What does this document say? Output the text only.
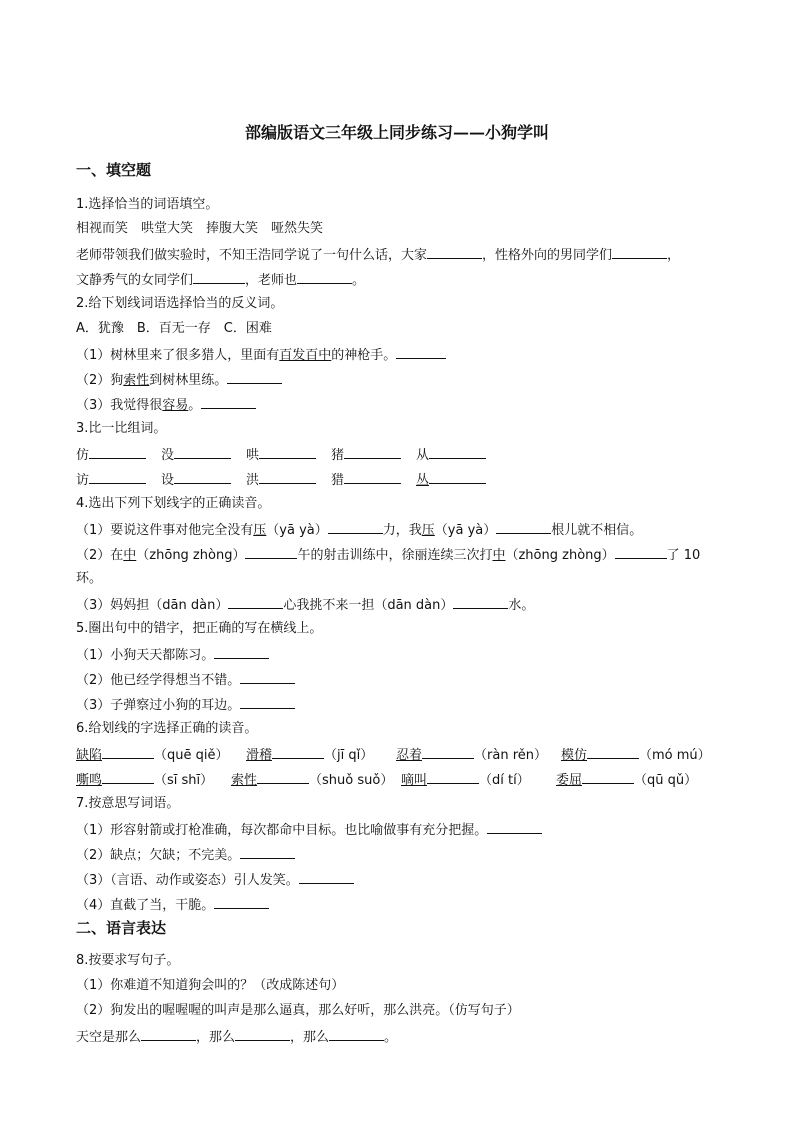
部编版语文三年级上同步练习——小狗学叫
一、填空题
1.选择恰当的词语填空。
相视而笑　哄堂大笑　捧腹大笑　哑然失笑
老师带领我们做实验时，不知王浩同学说了一句什么话，大家	，性格外向的男同学们	，
文静秀气的女同学们	，老师也	。
2.给下划线词语选择恰当的反义词。
A．犹豫　B．百无一存　C．困难
（1）树林里来了很多猎人，里面有百发百中的神枪手。
（2）狗索性到树林里练。
（3）我觉得很容易。
3.比一比组词。
仿	没	哄	猪	从
访	设	洪	猎	丛
4.选出下列下划线字的正确读音。
（1）要说这件事对他完全没有压（yā yà）	力，我压（yā yà）	根儿就不相信。
（2）在中（zhōng zhòng）	午的射击训练中，徐丽连续三次打中（zhōng zhòng）	了 10
环。
（3）妈妈担（dān dàn）	心我挑不来一担（dān dàn）	水。
5.圈出句中的错字，把正确的写在横线上。
（1）小狗天天都陈习。
（2）他已经学得想当不错。
（3）子弹察过小狗的耳边。
6.给划线的字选择正确的读音。
缺陷	（quē qiě） 滑稽	（jī qǐ） 忍着	（ràn rěn） 模仿	（mó mú）
嘶鸣	（sī shī） 索性	（shuǒ suǒ） 嘀叫	（dí tí） 委屈	（qū qǔ）
7.按意思写词语。
（1）形容射箭或打枪准确，每次都命中目标。也比喻做事有充分把握。
（2）缺点；欠缺；不完美。
（3）（言语、动作或姿态）引人发笑。
（4）直截了当，干脆。
二、语言表达
8.按要求写句子。
（1）你难道不知道狗会叫的？（改成陈述句）
（2）狗发出的喔喔喔的叫声是那么逼真，那么好听，那么洪亮。（仿写句子）
天空是那么	，那么	，那么	。
